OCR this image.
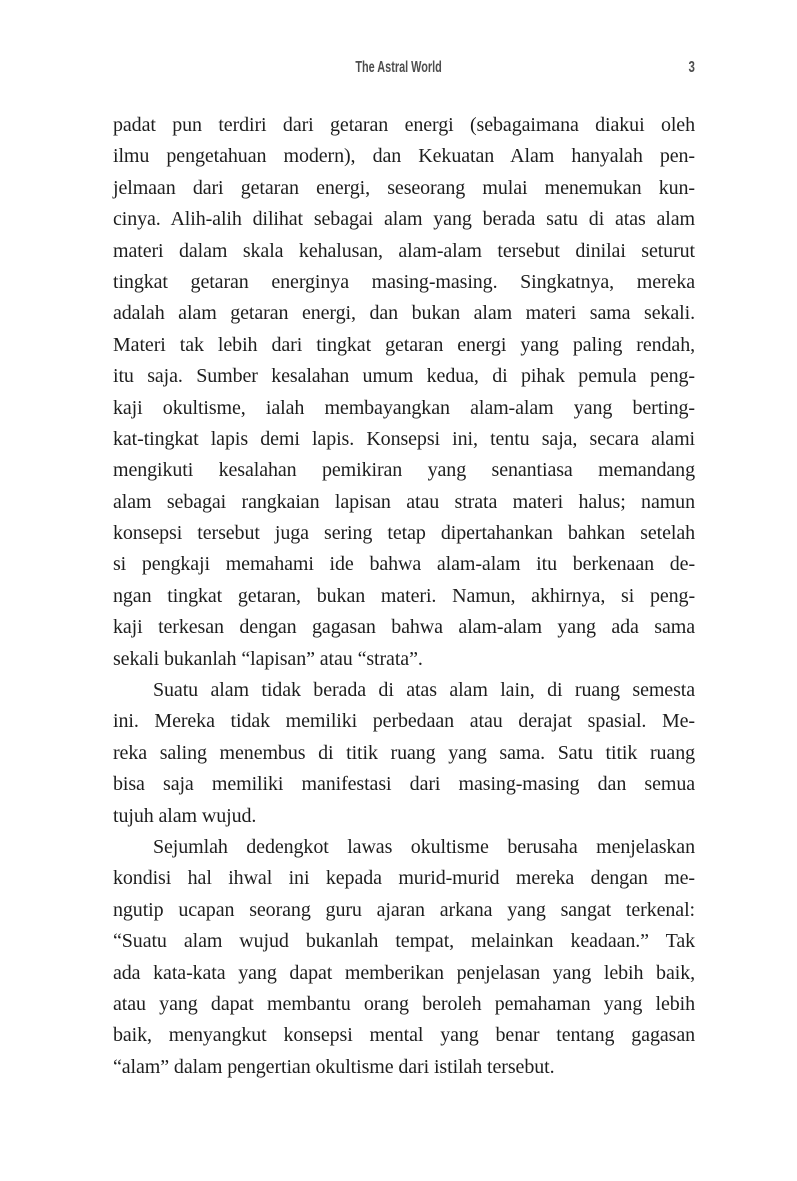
The Astral World	3
padat pun terdiri dari getaran energi (sebagaimana diakui oleh
ilmu pengetahuan modern), dan Kekuatan Alam hanyalah pen-
jelmaan dari getaran energi, seseorang mulai menemukan kun-
cinya. Alih-alih dilihat sebagai alam yang berada satu di atas alam
materi dalam skala kehalusan, alam-alam tersebut dinilai seturut
tingkat getaran energinya masing-masing. Singkatnya, mereka
adalah alam getaran energi, dan bukan alam materi sama sekali.
Materi tak lebih dari tingkat getaran energi yang paling rendah,
itu saja. Sumber kesalahan umum kedua, di pihak pemula peng-
kaji okultisme, ialah membayangkan alam-alam yang berting-
kat-tingkat lapis demi lapis. Konsepsi ini, tentu saja, secara alami
mengikuti kesalahan pemikiran yang senantiasa memandang
alam sebagai rangkaian lapisan atau strata materi halus; namun
konsepsi tersebut juga sering tetap dipertahankan bahkan setelah
si pengkaji memahami ide bahwa alam-alam itu berkenaan de-
ngan tingkat getaran, bukan materi. Namun, akhirnya, si peng-
kaji terkesan dengan gagasan bahwa alam-alam yang ada sama
sekali bukanlah “lapisan” atau “strata”.
Suatu alam tidak berada di atas alam lain, di ruang semesta
ini. Mereka tidak memiliki perbedaan atau derajat spasial. Me-
reka saling menembus di titik ruang yang sama. Satu titik ruang
bisa saja memiliki manifestasi dari masing-masing dan semua
tujuh alam wujud.
Sejumlah dedengkot lawas okultisme berusaha menjelaskan
kondisi hal ihwal ini kepada murid-murid mereka dengan me-
ngutip ucapan seorang guru ajaran arkana yang sangat terkenal:
“Suatu alam wujud bukanlah tempat, melainkan keadaan.” Tak
ada kata-kata yang dapat memberikan penjelasan yang lebih baik,
atau yang dapat membantu orang beroleh pemahaman yang lebih
baik, menyangkut konsepsi mental yang benar tentang gagasan
“alam” dalam pengertian okultisme dari istilah tersebut.
